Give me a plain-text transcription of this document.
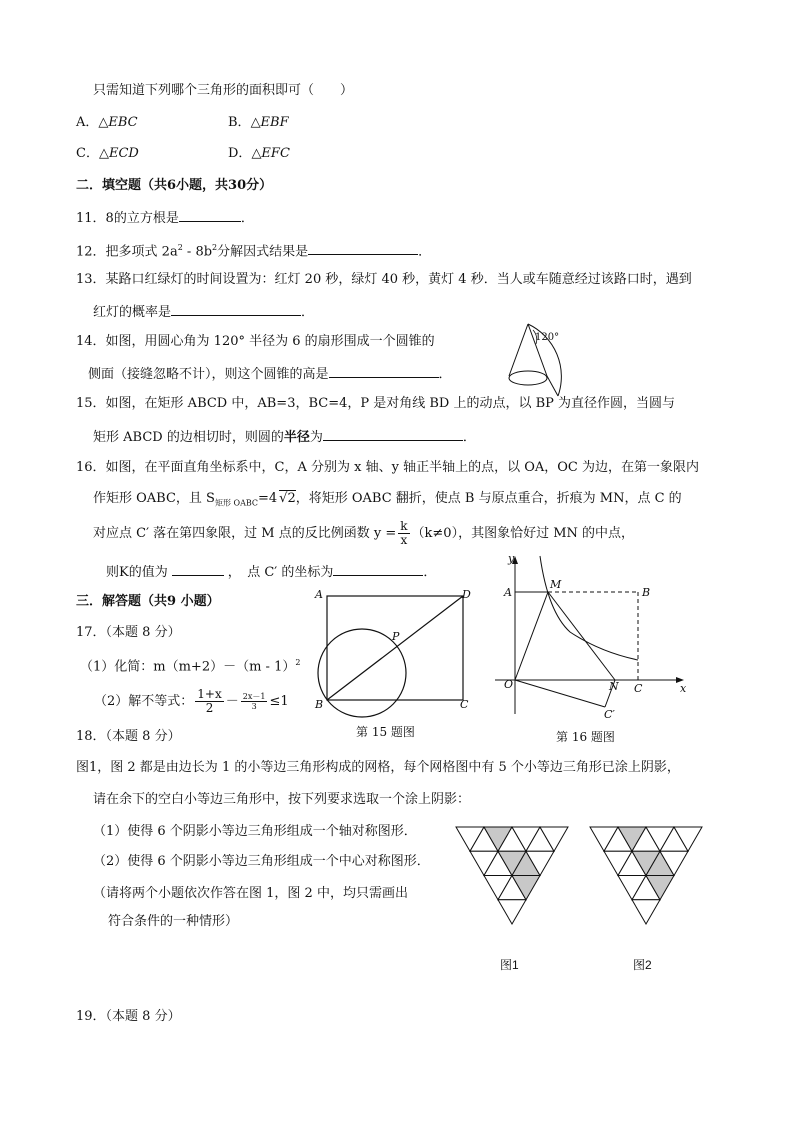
只需知道下列哪个三角形的面积即可（　　）
A．△EBC	B．△EBF
C．△ECD	D．△EFC
二．填空题（共6小题，共30分）
11．8的立方根是	．
12．把多项式 $2a^2 - 8b^2$分解因式结果是	．
13．某路口红绿灯的时间设置为：红灯 20 秒，绿灯 40 秒，黄灯 4 秒．当人或车随意经过该路口时，遇到
红灯的概率是	．
14．如图，用圆心角为 120° 半径为 6 的扇形围成一个圆锥的
侧面（接缝忽略不计），则这个圆锥的高是	．
120°
15．如图，在矩形 ABCD 中，AB=3，BC=4，P 是对角线 BD 上的动点，以 BP 为直径作圆，当圆与
矩形 ABCD 的边相切时，则圆的半径为	．
16．如图，在平面直角坐标系中，C，A 分别为 x 轴、y 轴正半轴上的点，以 OA，OC 为边，在第一象限内
作矩形 OABC，且 $S_{矩形 OABC}=4$ √2，将矩形 OABC 翻折，使点 B 与原点重合，折痕为 MN，点 C 的
对应点 C′ 落在第四象限，过 M 点的反比例函数 $y = \frac{k}{x} (k\ne 0)$，其图象恰好过 MN 的中点，
则K的值为	，　点 C′ 的坐标为	．
三．解答题（共9 小题）
17．（本题 8 分）
（1）化简：m（m+2）－（m - 1）$^2$
（2）解不等式： $\frac{1+x}{2} - \frac{2x-1}{3} \le 1$
A
B	C
D
P
第 15 题图
y
x
O
A	B
C
M
N
C′
第 16 题图
18．（本题 8 分）
图1，图 2 都是由边长为 1 的小等边三角形构成的网格，每个网格图中有 5 个小等边三角形已涂上阴影，
请在余下的空白小等边三角形中，按下列要求选取一个涂上阴影：
（1）使得 6 个阴影小等边三角形组成一个轴对称图形．
（2）使得 6 个阴影小等边三角形组成一个中心对称图形．
（请将两个小题依次作答在图 1，图 2 中，均只需画出
符合条件的一种情形）
图1	图2
19．（本题 8 分）
